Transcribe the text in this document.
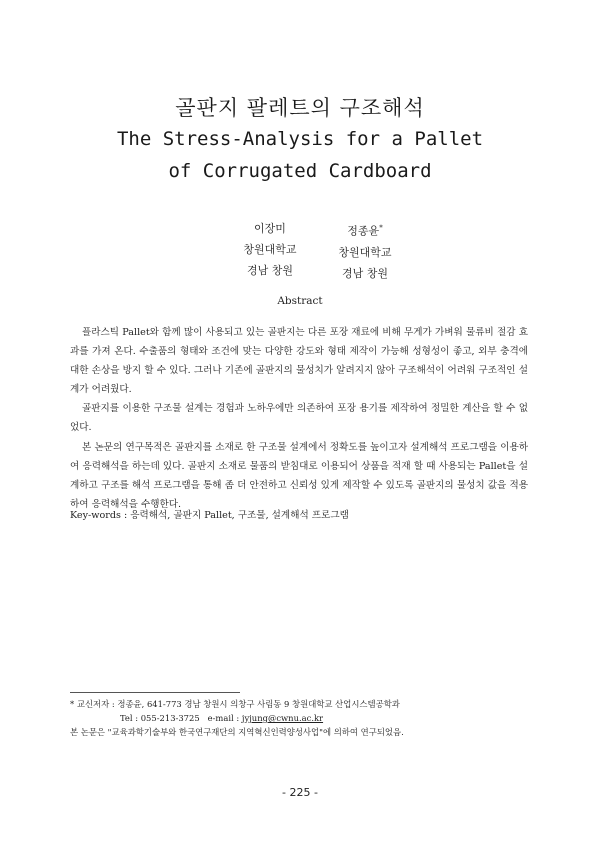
골판지 팔레트의 구조해석
The Stress-Analysis for a Pallet
of Corrugated Cardboard
이장미
창원대학교
경남 창원
정종윤*
창원대학교
경남 창원
Abstract

플라스틱 Pallet와 함께 많이 사용되고 있는 골판지는 다른 포장 재료에 비해 무게가 가벼워 물류비 절감 효과를 가져 온다. 수출품의 형태와 조건에 맞는 다양한 강도와 형태 제작이 가능해 성형성이 좋고, 외부 충격에 대한 손상을 방지 할 수 있다. 그러나 기존에 골판지의 물성치가 알려지지 않아 구조해석이 어려워 구조적인 설계가 어려웠다.

골판지를 이용한 구조물 설계는 경험과 노하우에만 의존하여 포장 용기를 제작하여 정밀한 계산을 할 수 없었다.

본 논문의 연구목적은 골판지를 소재로 한 구조물 설계에서 정확도를 높이고자 설계해석 프로그램을 이용하여 응력해석을 하는데 있다. 골판지 소재로 물품의 받침대로 이용되어 상품을 적재 할 때 사용되는 Pallet을 설계하고 구조를 해석 프로그램을 통해 좀 더 안전하고 신뢰성 있게 제작할 수 있도록 골판지의 물성치 값을 적용하여 응력해석을 수행한다.

Key-words : 응력해석, 골판지 Pallet, 구조물, 설계해석 프로그램
* 교신저자 : 정종윤, 641-773 경남 창원시 의창구 사림동 9 창원대학교 산업시스템공학과
Tel : 055-213-3725   e-mail : jyjung@cwnu.ac.kr
본 논문은 "교육과학기술부와 한국연구재단의 지역혁신인력양성사업"에 의하여 연구되었음.
- 225 -
